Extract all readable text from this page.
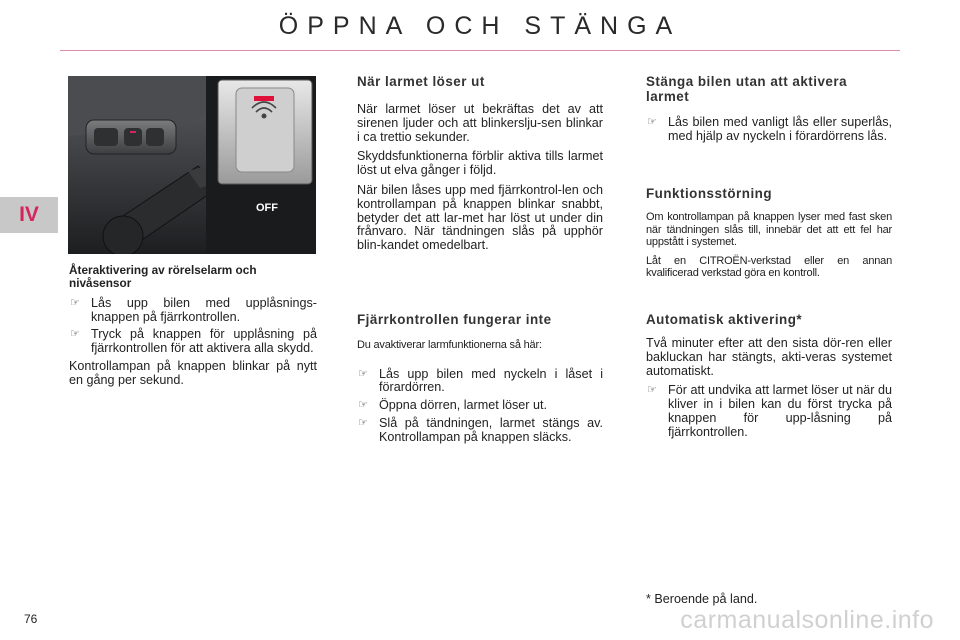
ÖPPNA OCH STÄNGA
IV	OFF
Återaktivering av rörelselarm och nivåsensor
☞ Lås upp bilen med upplåsnings-knappen på fjärrkontrollen.
☞ Tryck på knappen för upplåsning på fjärrkontrollen för att aktivera alla skydd.

Kontrollampan på knappen blinkar på nytt en gång per sekund.

När larmet löser ut

När larmet löser ut bekräftas det av att sirenen ljuder och att blinkerslju-sen blinkar i ca trettio sekunder.

Skyddsfunktionerna förblir aktiva tills larmet löst ut elva gånger i följd.

När bilen låses upp med fjärrkontrol-len och kontrollampan på knappen blinkar snabbt, betyder det att lar-met har löst ut under din frånvaro. När tändningen slås på upphör blin-kandet omedelbart.

Fjärrkontrollen fungerar inte

Du avaktiverar larmfunktionerna så här:

☞ Lås upp bilen med nyckeln i låset i förardörren.
☞ Öppna dörren, larmet löser ut.
☞ Slå på tändningen, larmet stängs av. Kontrollampan på knappen släcks.
Stänga bilen utan att aktivera larmet
☞ Lås bilen med vanligt lås eller superlås, med hjälp av nyckeln i förardörrens lås.
Funktionsstörning

Om kontrollampan på knappen lyser med fast sken när tändningen slås till, innebär det att ett fel har uppstått i systemet.

Låt en CITROËN-verkstad eller en annan kvalificerad verkstad göra en kontroll.

Automatisk aktivering*

Två minuter efter att den sista dör-ren eller bakluckan har stängts, akti-veras systemet automatiskt.

☞ För att undvika att larmet löser ut när du kliver in i bilen kan du först trycka på knappen för upp-låsning på fjärrkontrollen.
* Beroende på land.
76	carmanualsonline.info
